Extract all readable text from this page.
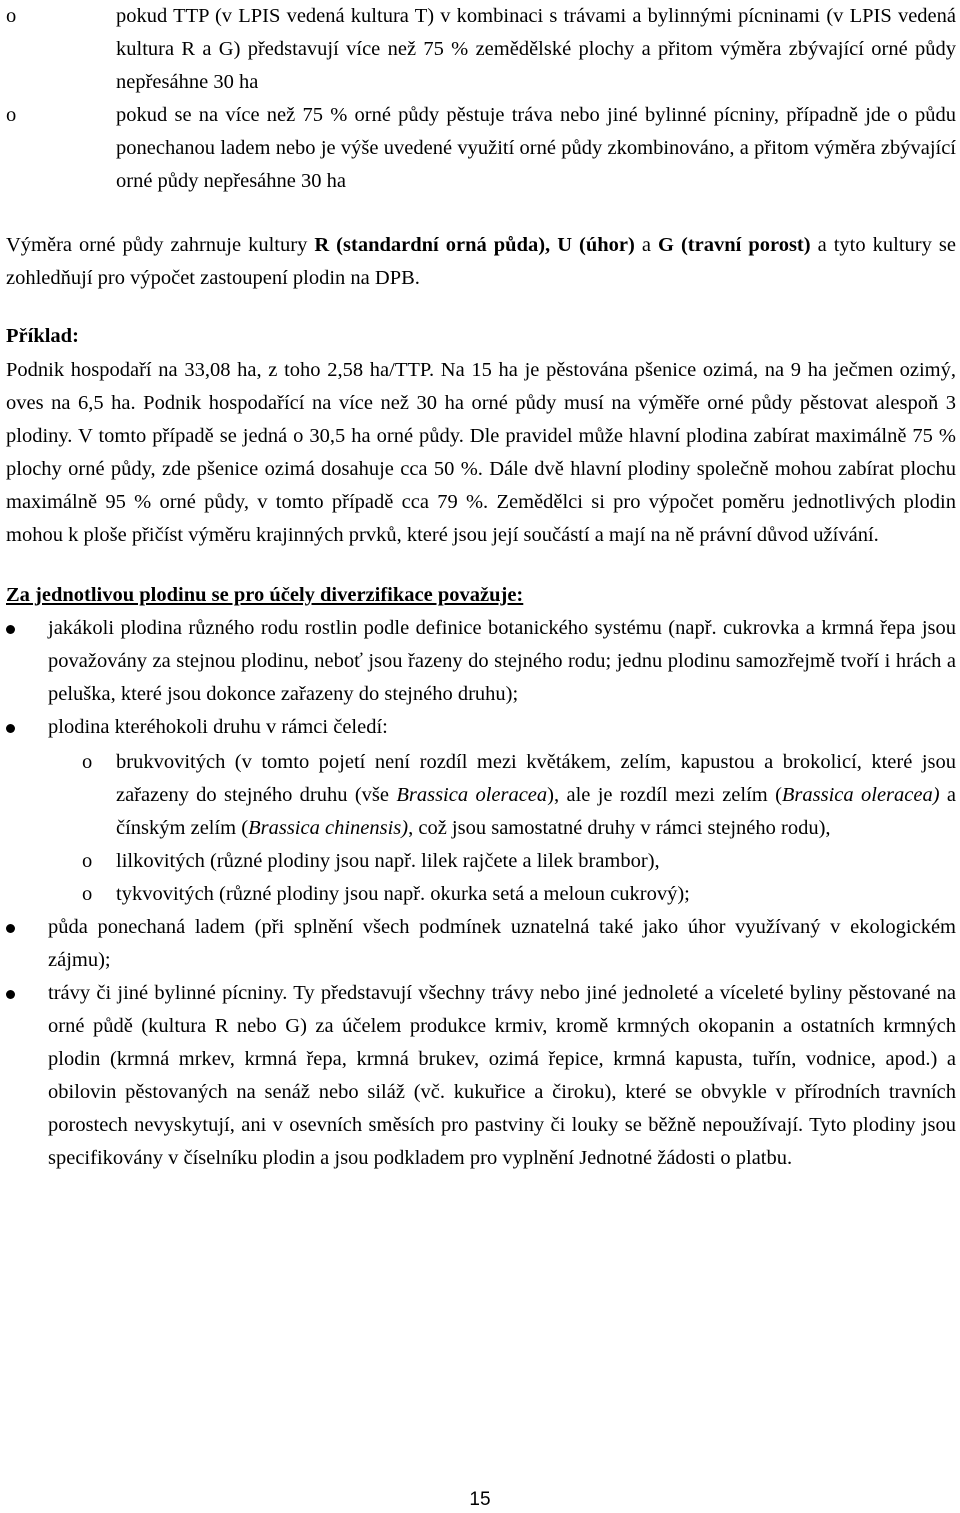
o	pokud TTP (v LPIS vedená kultura T) v kombinaci s trávami a bylinnými pícninami (v LPIS vedená kultura R a G) představují více než 75 % zemědělské plochy a přitom výměra zbývající orné půdy nepřesáhne 30 ha
o	pokud se na více než 75 % orné půdy pěstuje tráva nebo jiné bylinné pícniny, případně jde o půdu ponechanou ladem nebo je výše uvedené využití orné půdy zkombinováno, a přitom výměra zbývající orné půdy nepřesáhne 30 ha

Výměra orné půdy zahrnuje kultury R (standardní orná půda), U (úhor) a G (travní porost) a tyto kultury se zohledňují pro výpočet zastoupení plodin na DPB.

Příklad:

Podnik hospodaří na 33,08 ha, z toho 2,58 ha/TTP. Na 15 ha je pěstována pšenice ozimá, na 9 ha ječmen ozimý, oves na 6,5 ha. Podnik hospodařící na více než 30 ha orné půdy musí na výměře orné půdy pěstovat alespoň 3 plodiny. V tomto případě se jedná o 30,5 ha orné půdy. Dle pravidel může hlavní plodina zabírat maximálně 75 % plochy orné půdy, zde pšenice ozimá dosahuje cca 50 %. Dále dvě hlavní plodiny společně mohou zabírat plochu maximálně 95 % orné půdy, v tomto případě cca 79 %. Zemědělci si pro výpočet poměru jednotlivých plodin mohou k ploše přičíst výměru krajinných prvků, které jsou její součástí a mají na ně právní důvod užívání.

Za jednotlivou plodinu se pro účely diverzifikace považuje:

jakákoli plodina různého rodu rostlin podle definice botanického systému (např. cukrovka a krmná řepa jsou považovány za stejnou plodinu, neboť jsou řazeny do stejného rodu; jednu plodinu samozřejmě tvoří i hrách a peluška, které jsou dokonce zařazeny do stejného druhu);
plodina kteréhokoli druhu v rámci čeledí:
o brukvovitých (v tomto pojetí není rozdíl mezi květákem, zelím, kapustou a brokolicí, které jsou zařazeny do stejného druhu (vše Brassica oleracea), ale je rozdíl mezi zelím (Brassica oleracea) a čínským zelím (Brassica chinensis), což jsou samostatné druhy v rámci stejného rodu),
o lilkovitých (různé plodiny jsou např. lilek rajčete a lilek brambor),
o tykvovitých (různé plodiny jsou např. okurka setá a meloun cukrový);
půda ponechaná ladem (při splnění všech podmínek uznatelná také jako úhor využívaný v ekologickém zájmu);
trávy či jiné bylinné pícniny. Ty představují všechny trávy nebo jiné jednoleté a víceleté byliny pěstované na orné půdě (kultura R nebo G) za účelem produkce krmiv, kromě krmných okopanin a ostatních krmných plodin (krmná mrkev, krmná řepa, krmná brukev, ozimá řepice, krmná kapusta, tuřín, vodnice, apod.) a obilovin pěstovaných na senáž nebo siláž (vč. kukuřice a čiroku), které se obvykle v přírodních travních porostech nevyskytují, ani v osevních směsích pro pastviny či louky se běžně nepoužívají. Tyto plodiny jsou specifikovány v číselníku plodin a jsou podkladem pro vyplnění Jednotné žádosti o platbu.
15
